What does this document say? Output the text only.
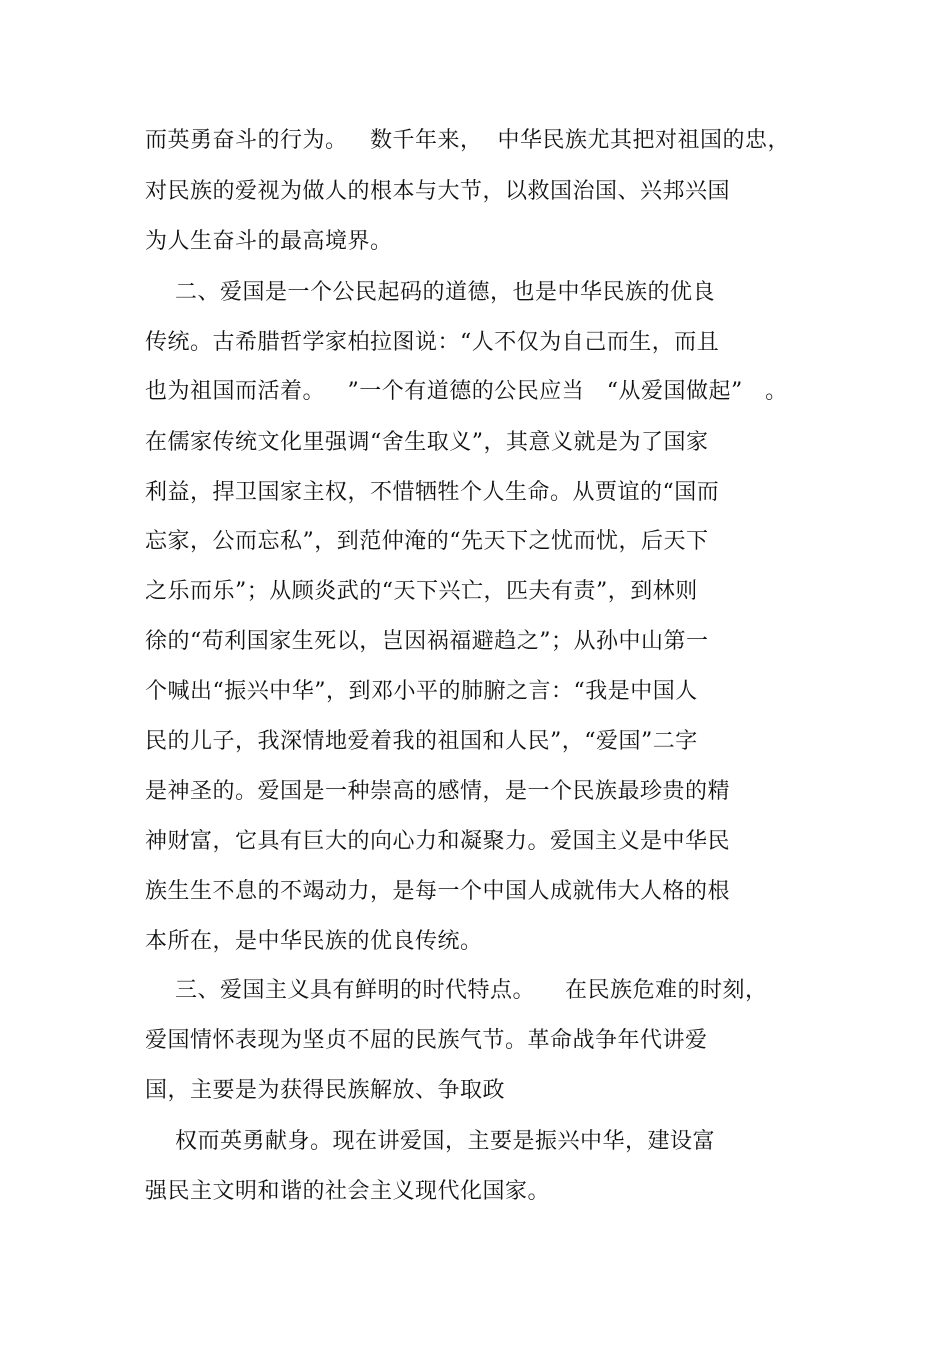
而英勇奋斗的行为。   数千年来，  中华民族尤其把对祖国的忠，

对民族的爱视为做人的根本与大节，以救国治国、兴邦兴国

为人生奋斗的最高境界。

二、爱国是一个公民起码的道德，也是中华民族的优良

传统。古希腊哲学家柏拉图说：“人不仅为自己而生，而且

也为祖国而活着。   ”一个有道德的公民应当   “从爱国做起”   。

在儒家传统文化里强调“舍生取义”，其意义就是为了国家

利益，捍卫国家主权，不惜牺牲个人生命。从贾谊的“国而

忘家，公而忘私”，到范仲淹的“先天下之忧而忧，后天下

之乐而乐”；从顾炎武的“天下兴亡，匹夫有责”，到林则

徐的“苟利国家生死以，岂因祸福避趋之”；从孙中山第一

个喊出“振兴中华”，到邓小平的肺腑之言：“我是中国人

民的儿子，我深情地爱着我的祖国和人民”，“爱国”二字

是神圣的。爱国是一种崇高的感情，是一个民族最珍贵的精

神财富，它具有巨大的向心力和凝聚力。爱国主义是中华民

族生生不息的不竭动力，是每一个中国人成就伟大人格的根

本所在，是中华民族的优良传统。

三、爱国主义具有鲜明的时代特点。    在民族危难的时刻，

爱国情怀表现为坚贞不屈的民族气节。革命战争年代讲爱

国，主要是为获得民族解放、争取政

权而英勇献身。现在讲爱国，主要是振兴中华，建设富

强民主文明和谐的社会主义现代化国家。
